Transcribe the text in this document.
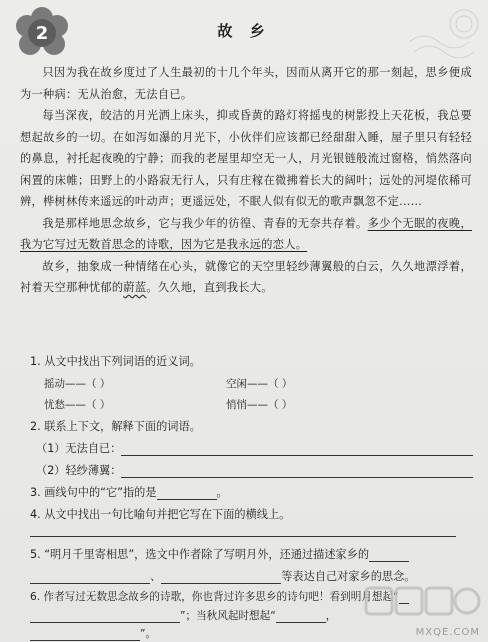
2	故 乡

只因为我在故乡度过了人生最初的十几个年头，因而从离开它的那一刻起，思乡便成为一种病：无从治愈，无法自已。

每当深夜，皎洁的月光洒上床头，抑或昏黄的路灯将摇曳的树影投上天花板，我总要想起故乡的一切。在如泻如瀑的月光下，小伙伴们应该都已经甜甜入睡，屋子里只有轻轻的鼻息，衬托起夜晚的宁静；而我的老屋里却空无一人，月光银链般流过窗格，悄然落向闲置的床帷；田野上的小路寂无行人，只有庄稼在微拂着长大的阔叶；远处的河堤依稀可辨，桦树林传来遥远的叶动声；更遥远处，不眠人似有似无的歌声飘忽不定……

我是那样地思念故乡，它与我少年的彷徨、青春的无奈共存着。多少个无眠的夜晚，我为它写过无数首思念的诗歌，因为它是我永远的恋人。

故乡，抽象成一种情绪在心头，就像它的天空里轻纱薄翼般的白云，久久地漂浮着，衬着天空那种忧郁的蔚蓝。久久地，直到我长大。

1. 从文中找出下列词语的近义词。
摇动——（ ）	空闲——（ ）
忧愁——（ ）	悄悄——（ ）
2. 联系上下文，解释下面的词语。
（1）无法自已：
（2）轻纱薄翼：
3. 画线句中的“它”指的是	。
4. 从文中找出一句比喻句并把它写在下面的横线上。
5. “明月千里寄相思”，选文中作者除了写明月外，还通过描述家乡的
、	等表达自己对家乡的思念。
6. 作者写过无数思念故乡的诗歌，你也背过许多思乡的诗句吧！看到明月想起“
”；当秋风起时想起“	，
”。	MXQE.COM
